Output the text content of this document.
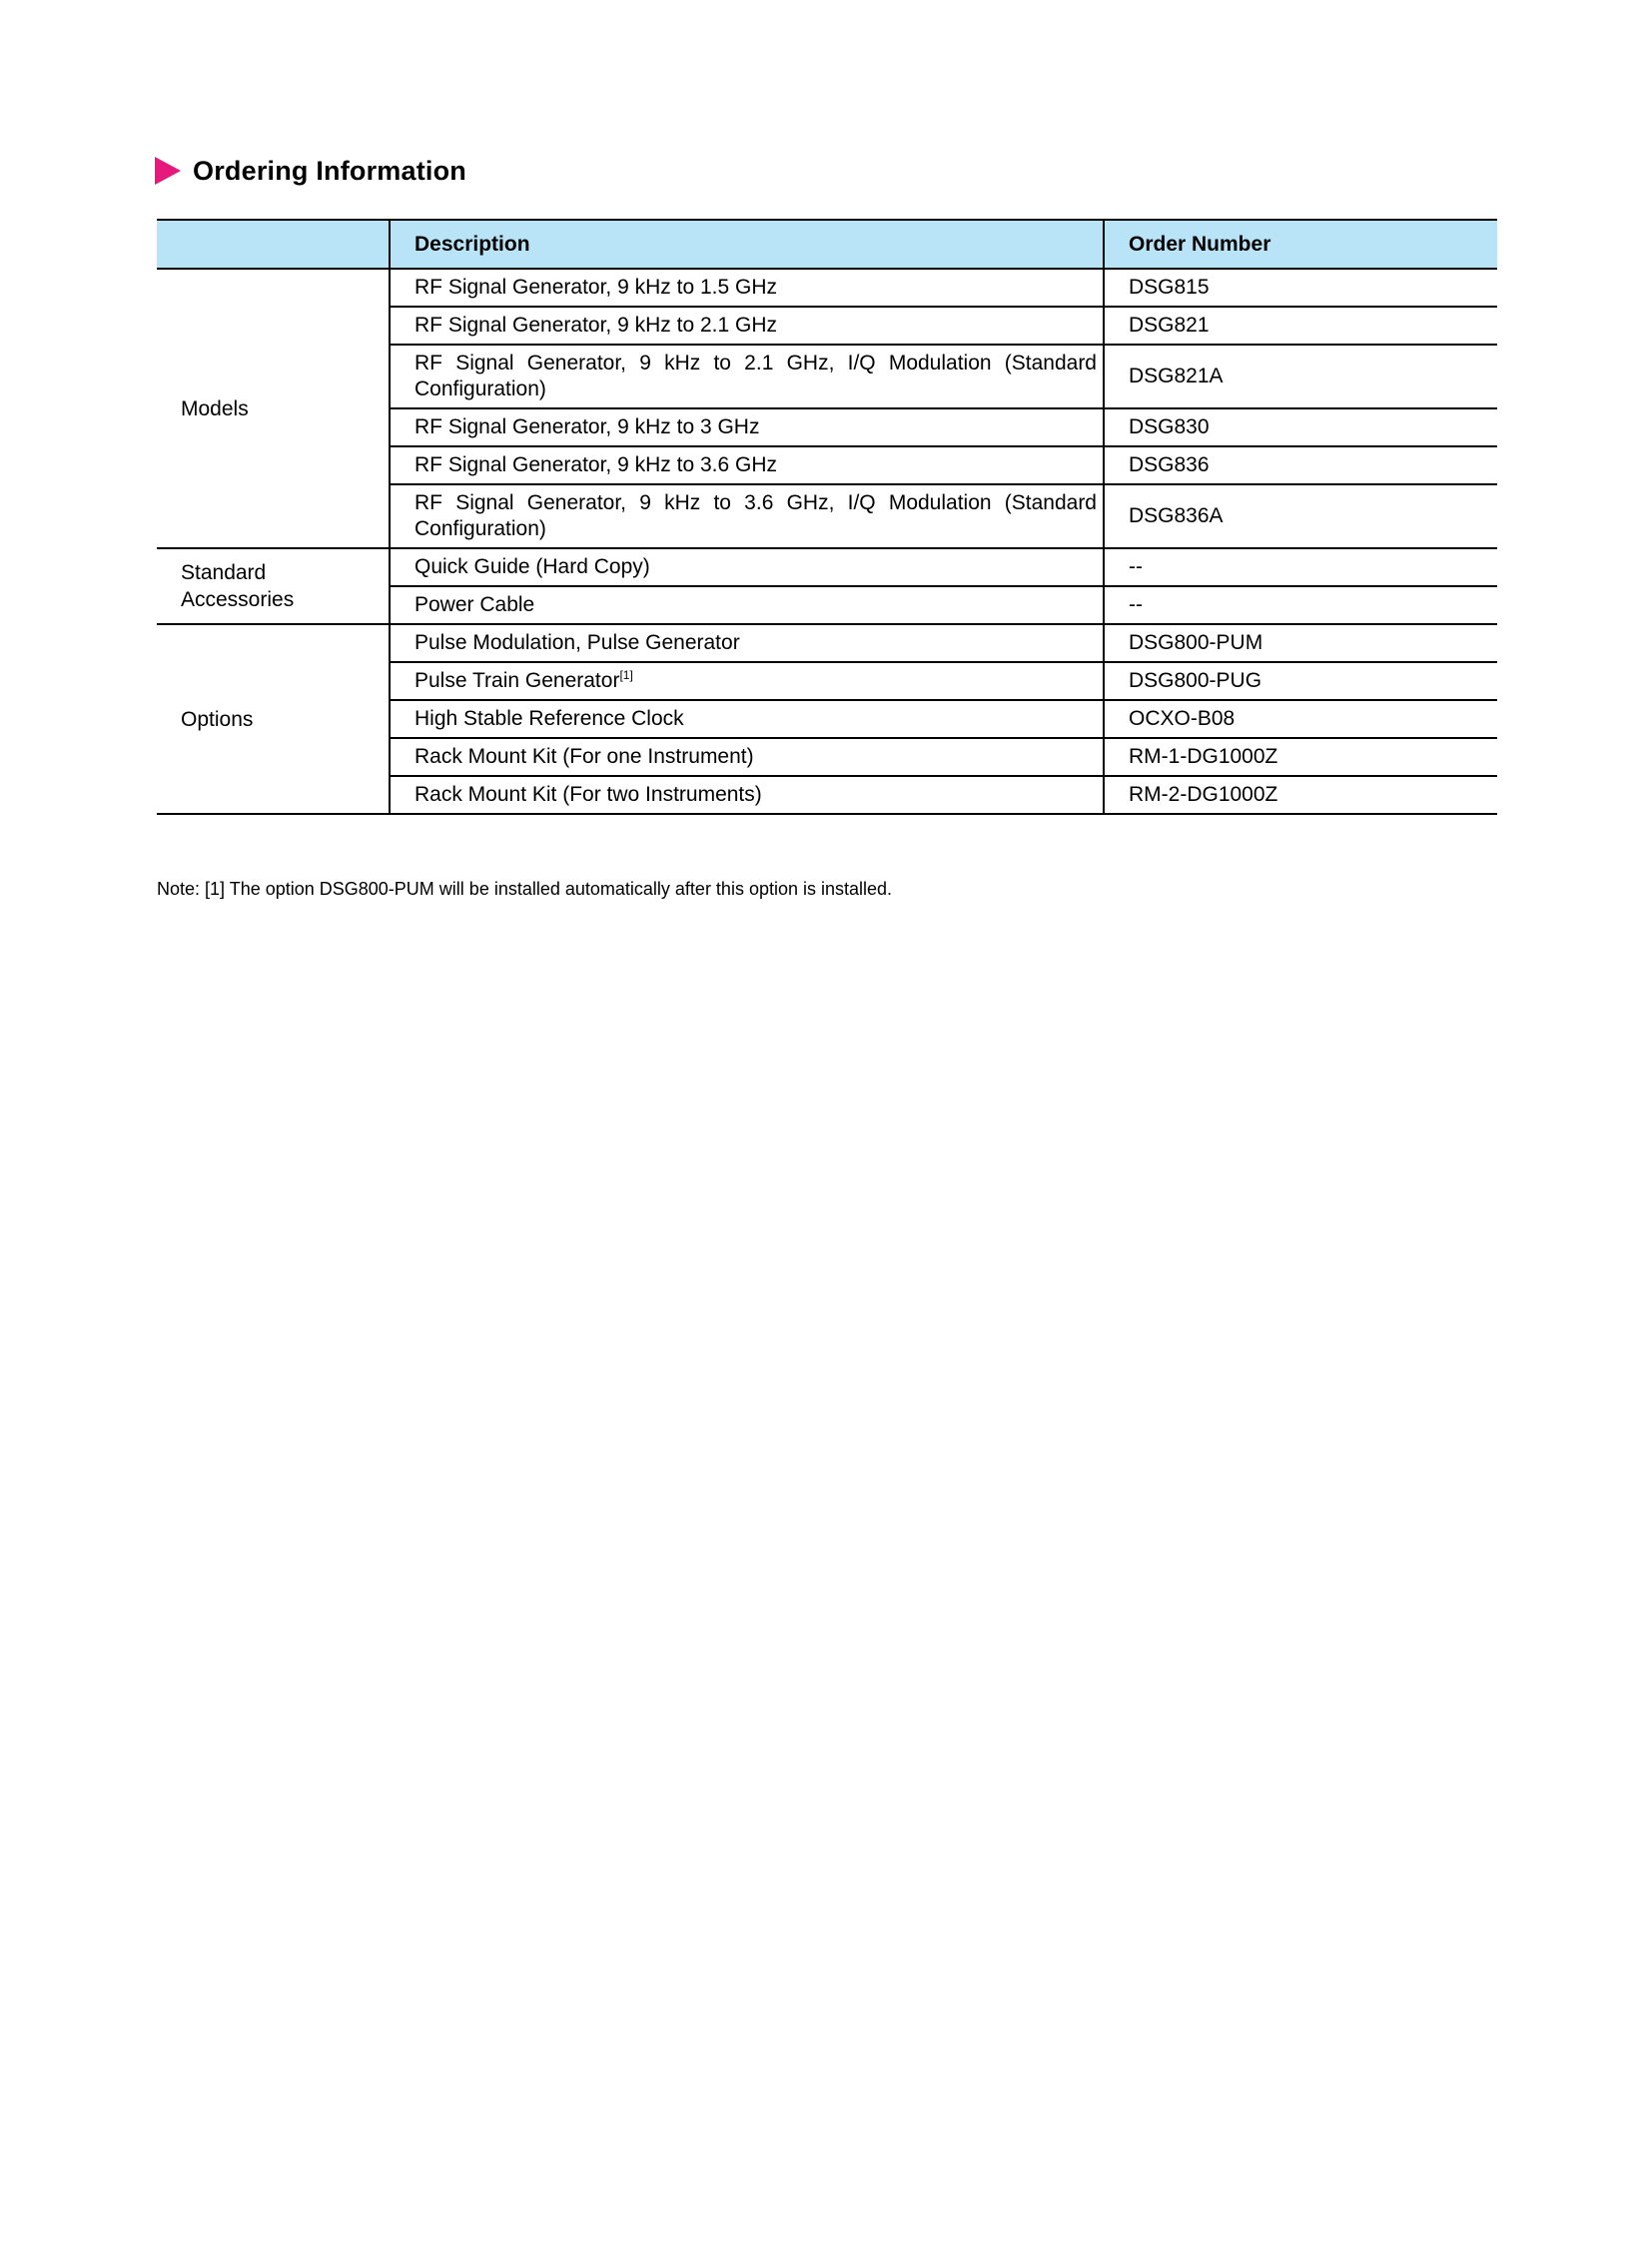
Ordering Information
	Description	Order Number
Models	RF Signal Generator, 9 kHz to 1.5 GHz	DSG815
	RF Signal Generator, 9 kHz to 2.1 GHz	DSG821
	RF Signal Generator, 9 kHz to 2.1 GHz, I/Q Modulation (Standard Configuration)	DSG821A
	RF Signal Generator, 9 kHz to 3 GHz	DSG830
	RF Signal Generator, 9 kHz to 3.6 GHz	DSG836
	RF Signal Generator, 9 kHz to 3.6 GHz, I/Q Modulation (Standard Configuration)	DSG836A
Standard Accessories	Quick Guide (Hard Copy)	--
	Power Cable	--
Options	Pulse Modulation, Pulse Generator	DSG800-PUM
	Pulse Train Generator[1]	DSG800-PUG
	High Stable Reference Clock	OCXO-B08
	Rack Mount Kit (For one Instrument)	RM-1-DG1000Z
	Rack Mount Kit (For two Instruments)	RM-2-DG1000Z
Note: [1] The option DSG800-PUM will be installed automatically after this option is installed.
